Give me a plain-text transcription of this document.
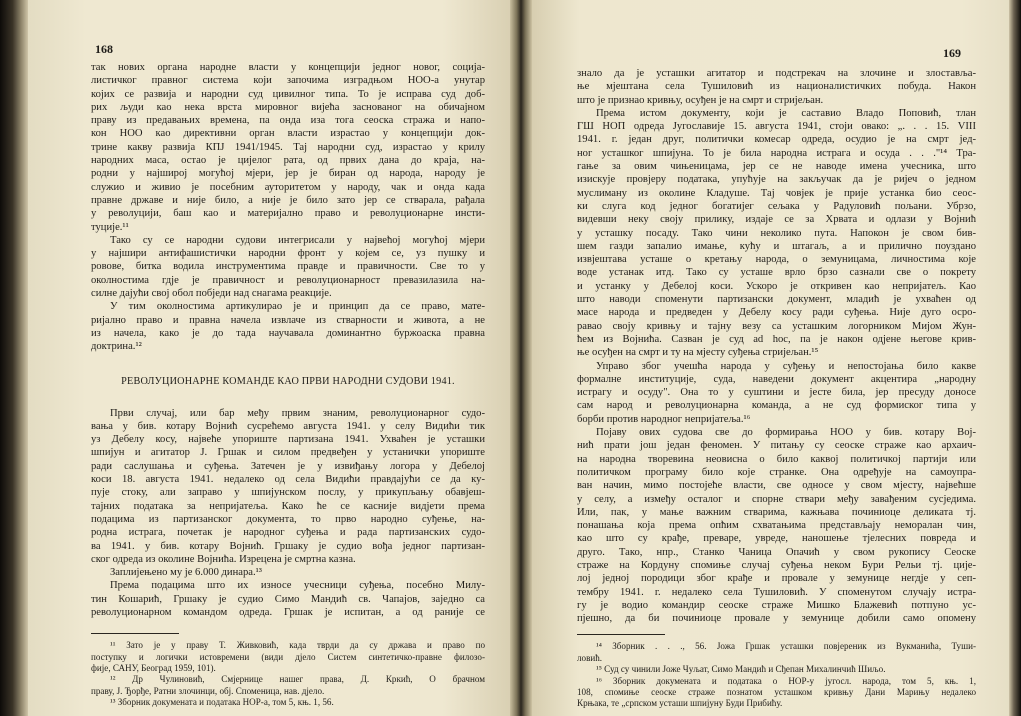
168

так нових органа народне власти у концепцији једног новог, соција-

листичког правног система који започима изградњом НОО-а унутар

којих се развија и народни суд цивилног типа. То је исправа суд доб-

рих људи као нека врста мировног вијећа заснованог на обичајном

праву из предавањих времена, па онда иза тога сеоска стража и напо-

кон НОО као директивни орган власти израстао у концепцији док-

трине какву развија КПЈ 1941/1945. Тај народни суд, израстао у крилу

народних маса, остао је цијелог рата, од првих дана до краја, на-

родни у најширој могућој мјери, јер је биран од народа, народу је

служио и живио је посебним ауторитетом у народу, чак и онда када

правне државе и није било, а није је било зато јер се стварала, рађала

у револуцији, баш као и материјално право и револуционарне инсти-

туције.¹¹

Тако су се народни судови интегрисали у највећој могућој мјери

у најшири антифашистички народни фронт у којем се, уз пушку и

ровове, битка водила инструментима правде и правичности. Све то у

околностима гдје је правичност и револуционарност превазилазила на-

силне дајући свој обол побједи над снагама реакције.

У тим околностима артикулирао је и принцип да се право, мате-

ријално право и правна начела извлаче из стварности и живота, а не

из начела, како је до тада научавала доминантно буржоаска правна

доктрина.¹²

РЕВОЛУЦИОНАРНЕ КОМАНДЕ КАО ПРВИ НАРОДНИ СУДОВИ 1941.

Први случај, или бар међу првим знаним, револуционарног судо-

вања у бив. котару Војнић сусрећемо августа 1941. у селу Видићи тик

уз Дебелу косу, највеће упориште партизана 1941. Ухваћен је усташки

шпијун и агитатор Ј. Гршак и силом предвеђен у устанички упориште

ради саслушања и суђења. Затечен је у извиђању логора у Дебелој

коси 18. августа 1941. недалеко од села Видићи правдајући се да ку-

пује стоку, али заправо у шпијунском послу, у прикупљању обавјеш-

тајних података за непријатеља. Како ће се касније видјети према

подацима из партизанског документа, то прво народно суђење, на-

родна истрага, почетак је народног суђења и рада партизанских судо-

ва 1941. у бив. котару Војнић. Гршаку је судио вођа једног партизан-

ског одреда из околине Војнића. Изрецена је смртна казна.

Заплијењено му је 6.000 динара.¹³

Према подацима што их износе учесници суђења, посебно Милу-

тин Кошарић, Гршаку је судио Симо Мандић св. Чапајов, заједно са

револуционарном командом одреда. Гршак је испитан, а од раније се

¹¹ Зато је у праву Т. Живковић, када тврди да су држава и право по

поступку и логички истовремени (види дјело Систем синтетичко-правне филозо-

фије, САНУ, Београд 1959, 101).

¹² Др Чулиновић, Смјернице нашег права, Д. Кркић, О брачном

праву, Ј. Ђорђе, Ратни злочинци, обј. Споменица, нав. дјело.

¹³ Зборник докумената и података НОР-а, том 5, књ. 1, 56.

169

знало да је усташки агитатор и подстрекач на злочине и злоставља-

ње мјештана села Тушиловић из националистичких побуда. Након

што је признао кривњу, осуђен је на смрт и стријељан.

Према истом документу, који је саставио Владо Поповић, тлан

ГШ НОП одреда Југославије 15. августа 1941, стоји овако: „. . . 15. VIII

1941. г. један друг, политички комесар одреда, осудио је на смрт јед-

ног усташког шпијуна. То је била народна истрага и осуда . . ."¹⁴ Тра-

гање за овим чињеницама, јер се не наводе имена учесника, што

изискује провјеру података, упућује на закључак да је ријеч о једном

муслиману из околине Кладуше. Тај човјек је прије устанка био сеос-

ки слуга код једног богатијег сељака у Радуловић пољани. Убрзо,

видевши неку своју прилику, издаје се за Хрвата и одлази у Војнић

у усташку посаду. Тако чини неколико пута. Напокон је свом бив-

шем газди запалио имање, кућу и штагаљ, а и прилично поуздано

извјештава усташе о кретању народа, о земуницама, личностима које

воде устанак итд. Тако су усташе врло брзо сазнали све о покрету

и устанку у Дебелој коси. Ускоро је откривен као непријатељ. Као

што наводи споменути партизански документ, младић је ухваћен од

масе народа и предведен у Дебелу косу ради суђења. Није дуго осро-

раваo своју кривњу и тајну везу са усташким логорником Мијом Жун-

ћем из Војнића. Сазван је суд ad hoc, па је након одјене његове крив-

ње осуђен на смрт и ту на мјесту суђења стријељан.¹⁵

Управо због учешћа народа у суђењу и непостојања било какве

формалне институције, суда, наведени документ акцентира „народну

истрагу и осуду". Она то у суштини и јесте била, јер пресуду доносе

сам народ и револуционарна команда, а не суд формиског типа у

борби против народног непријатеља.¹⁶

Појаву ових судова све до формирања НОО у бив. котару Вој-

нић прати још један феномен. У питању су сеоске страже као архаич-

на народна творевина неовисна о било каквој политичкој партији или

политичком програму било које странке. Она одређује на самоупра-

ван начин, мимо постојеће власти, све односе у свом мјесту, највећше

у селу, а између осталог и спорне ствари међу завађеним сусједима.

Или, пак, у мање важним стварима, кажњава починиоце деликата тј.

понашања која према опћим схватањима представљају неморалан чин,

као што су крађе, преваре, увреде, наношење тјелесних повреда и

друго. Тако, нпр., Станко Чаница Опачић у свом рукопису Сеоске

страже на Кордуну спомиње случај суђења неком Бури Рельи тј. ције-

лој једној породици због крађе и провале у земуницe негдје у сеп-

тембру 1941. г. недалеко села Тушиловић. У споменутом случају истра-

гу је водио командир сеоске страже Мишко Блажевић потпуно ус-

пјешно, да би починиоце провале у земуницe добили само опомену

¹⁴ Зборник . . ., 56. Јожа Гршак усташки повјереник из Вукманића, Туши-

ловић.

¹⁵ Суд су чинили Јоже Чуљат, Симо Мандић и Сђепан Михалинчић Шиљо.

¹⁶ Зборник докумената и података о НОР-у југосл. народа, том 5, књ. 1,

108, спомиње сеоске страже познатом усташком кривњу Дани Марињу недалеко

Крњака, те „српском усташи шпијуну Буди Прибићу.
